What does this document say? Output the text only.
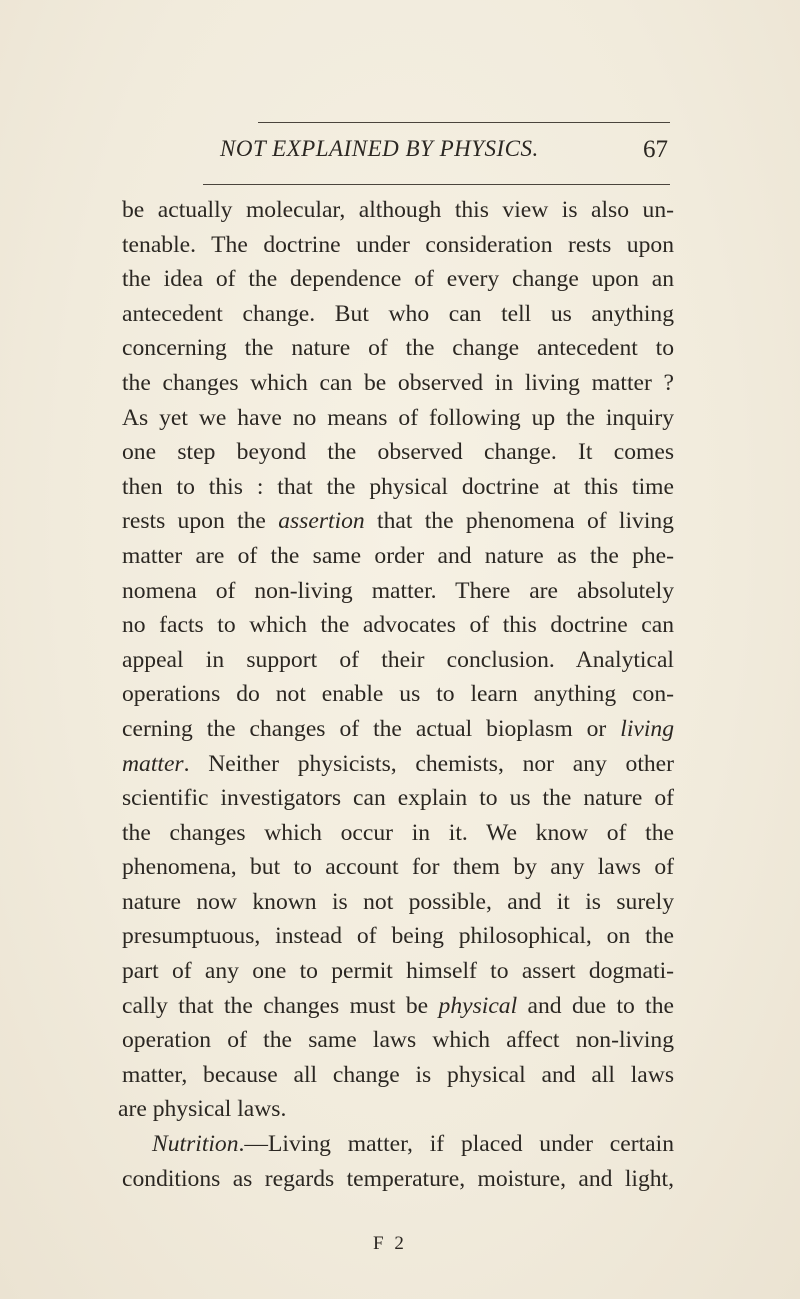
NOT EXPLAINED BY PHYSICS.	67
be actually molecular, although this view is also un-
tenable. The doctrine under consideration rests upon
the idea of the dependence of every change upon an
antecedent change. But who can tell us anything
concerning the nature of the change antecedent to
the changes which can be observed in living matter ?
As yet we have no means of following up the inquiry
one step beyond the observed change. It comes
then to this : that the physical doctrine at this time
rests upon the assertion that the phenomena of living
matter are of the same order and nature as the phe-
nomena of non-living matter. There are absolutely
no facts to which the advocates of this doctrine can
appeal in support of their conclusion. Analytical
operations do not enable us to learn anything con-
cerning the changes of the actual bioplasm or living
matter. Neither physicists, chemists, nor any other
scientific investigators can explain to us the nature of
the changes which occur in it. We know of the
phenomena, but to account for them by any laws of
nature now known is not possible, and it is surely
presumptuous, instead of being philosophical, on the
part of any one to permit himself to assert dogmati-
cally that the changes must be physical and due to the
operation of the same laws which affect non-living
matter, because all change is physical and all laws
are physical laws.
Nutrition.—Living matter, if placed under certain
conditions as regards temperature, moisture, and light,
F 2
